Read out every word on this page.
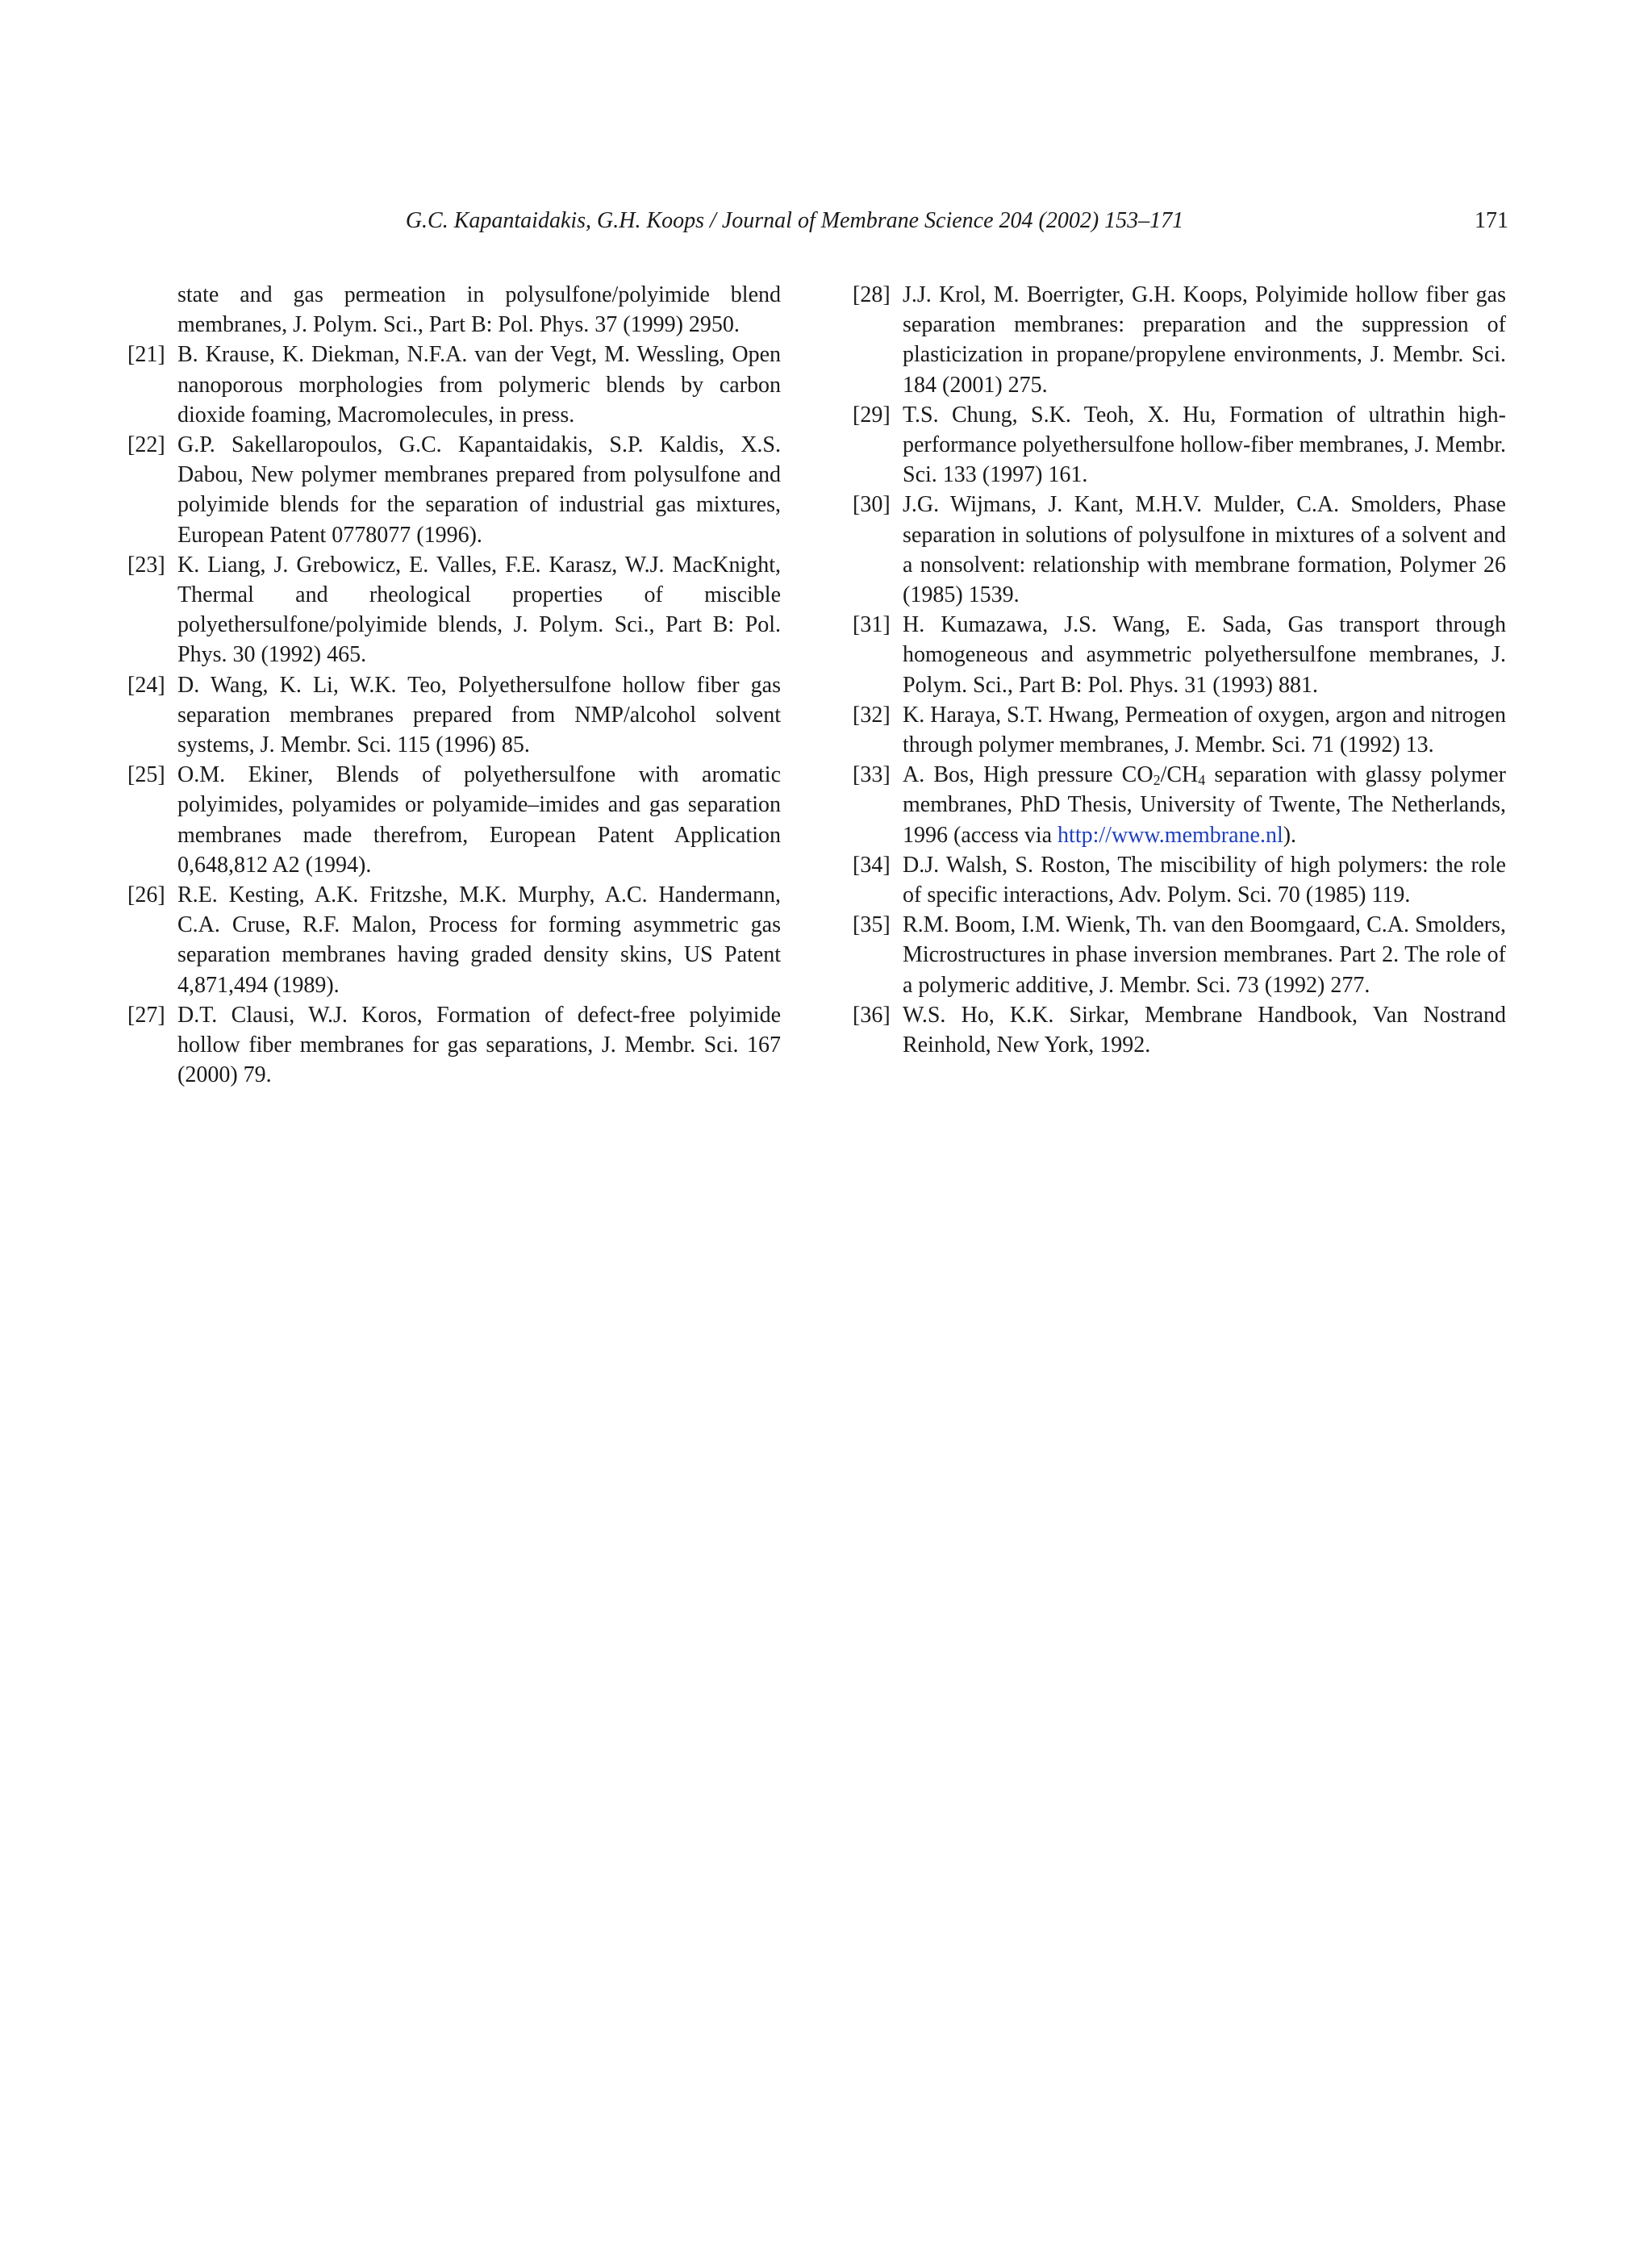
G.C. Kapantaidakis, G.H. Koops / Journal of Membrane Science 204 (2002) 153–171	171
state and gas permeation in polysulfone/polyimide blend membranes, J. Polym. Sci., Part B: Pol. Phys. 37 (1999) 2950.
[21] B. Krause, K. Diekman, N.F.A. van der Vegt, M. Wessling, Open nanoporous morphologies from polymeric blends by carbon dioxide foaming, Macromolecules, in press.
[22] G.P. Sakellaropoulos, G.C. Kapantaidakis, S.P. Kaldis, X.S. Dabou, New polymer membranes prepared from polysulfone and polyimide blends for the separation of industrial gas mixtures, European Patent 0778077 (1996).
[23] K. Liang, J. Grebowicz, E. Valles, F.E. Karasz, W.J. MacKnight, Thermal and rheological properties of miscible polyethersulfone/polyimide blends, J. Polym. Sci., Part B: Pol. Phys. 30 (1992) 465.
[24] D. Wang, K. Li, W.K. Teo, Polyethersulfone hollow fiber gas separation membranes prepared from NMP/alcohol solvent systems, J. Membr. Sci. 115 (1996) 85.
[25] O.M. Ekiner, Blends of polyethersulfone with aromatic polyimides, polyamides or polyamide–imides and gas separation membranes made therefrom, European Patent Application 0,648,812 A2 (1994).
[26] R.E. Kesting, A.K. Fritzshe, M.K. Murphy, A.C. Handermann, C.A. Cruse, R.F. Malon, Process for forming asymmetric gas separation membranes having graded density skins, US Patent 4,871,494 (1989).
[27] D.T. Clausi, W.J. Koros, Formation of defect-free polyimide hollow fiber membranes for gas separations, J. Membr. Sci. 167 (2000) 79.
[28] J.J. Krol, M. Boerrigter, G.H. Koops, Polyimide hollow fiber gas separation membranes: preparation and the suppression of plasticization in propane/propylene environments, J. Membr. Sci. 184 (2001) 275.
[29] T.S. Chung, S.K. Teoh, X. Hu, Formation of ultrathin high-performance polyethersulfone hollow-fiber membranes, J. Membr. Sci. 133 (1997) 161.
[30] J.G. Wijmans, J. Kant, M.H.V. Mulder, C.A. Smolders, Phase separation in solutions of polysulfone in mixtures of a solvent and a nonsolvent: relationship with membrane formation, Polymer 26 (1985) 1539.
[31] H. Kumazawa, J.S. Wang, E. Sada, Gas transport through homogeneous and asymmetric polyethersulfone membranes, J. Polym. Sci., Part B: Pol. Phys. 31 (1993) 881.
[32] K. Haraya, S.T. Hwang, Permeation of oxygen, argon and nitrogen through polymer membranes, J. Membr. Sci. 71 (1992) 13.
[33] A. Bos, High pressure $CO_2/CH_4$ separation with glassy polymer membranes, PhD Thesis, University of Twente, The Netherlands, 1996 (access via http://www.membrane.nl).
[34] D.J. Walsh, S. Roston, The miscibility of high polymers: the role of specific interactions, Adv. Polym. Sci. 70 (1985) 119.
[35] R.M. Boom, I.M. Wienk, Th. van den Boomgaard, C.A. Smolders, Microstructures in phase inversion membranes. Part 2. The role of a polymeric additive, J. Membr. Sci. 73 (1992) 277.
[36] W.S. Ho, K.K. Sirkar, Membrane Handbook, Van Nostrand Reinhold, New York, 1992.
